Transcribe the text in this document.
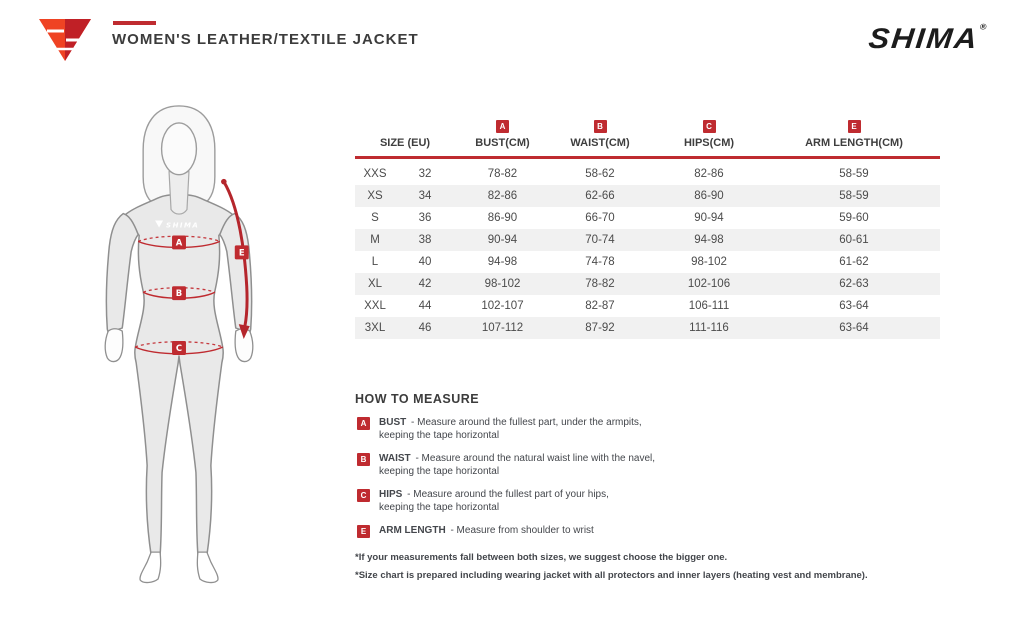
WOMEN'S LEATHER/TEXTILE JACKET	SHIMA®
SHIMA
A
B
C
E
A	B	C	E
SIZE (EU)	BUST(CM)	WAIST(CM)	HIPS(CM)	ARM LENGTH(CM)
XXS	32	78-82	58-62	82-86	58-59
XS	34	82-86	62-66	86-90	58-59
S	36	86-90	66-70	90-94	59-60
M	38	90-94	70-74	94-98	60-61
L	40	94-98	74-78	98-102	61-62
XL	42	98-102	78-82	102-106	62-63
XXL	44	102-107	82-87	106-111	63-64
3XL	46	107-112	87-92	111-116	63-64
HOW TO MEASURE
A	BUST - Measure around the fullest part, under the armpits,
keeping the tape horizontal
B	WAIST - Measure around the natural waist line with the navel,
keeping the tape horizontal
C	HIPS - Measure around the fullest part of your hips,
keeping the tape horizontal
E	ARM LENGTH - Measure from shoulder to wrist

*If your measurements fall between both sizes, we suggest choose the bigger one.

*Size chart is prepared including wearing jacket with all protectors and inner layers (heating vest and membrane).
